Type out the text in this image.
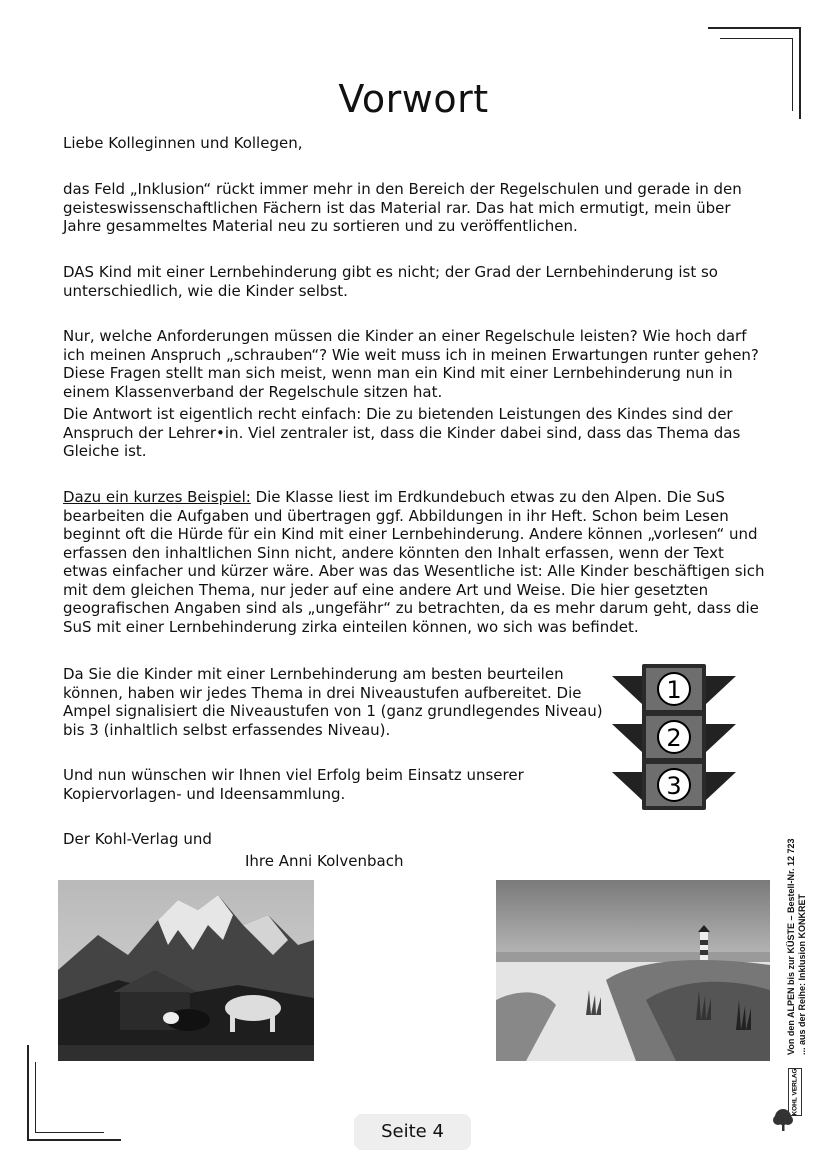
Vorwort

Liebe Kolleginnen und Kollegen,

das Feld „Inklusion“ rückt immer mehr in den Bereich der Regelschulen und gerade in den geisteswissenschaftlichen Fächern ist das Material rar. Das hat mich ermutigt, mein über Jahre gesammeltes Material neu zu sortieren und zu veröffentlichen.

DAS Kind mit einer Lernbehinderung gibt es nicht; der Grad der Lernbehinderung ist so unterschiedlich, wie die Kinder selbst.

Nur, welche Anforderungen müssen die Kinder an einer Regelschule leisten? Wie hoch darf ich meinen Anspruch „schrauben“? Wie weit muss ich in meinen Erwartungen runter gehen? Diese Fragen stellt man sich meist, wenn man ein Kind mit einer Lernbehinderung nun in einem Klassenverband der Regelschule sitzen hat.

Die Antwort ist eigentlich recht einfach: Die zu bietenden Leistungen des Kindes sind der Anspruch der Lehrer•in. Viel zentraler ist, dass die Kinder dabei sind, dass das Thema das Gleiche ist.

Dazu ein kurzes Beispiel: Die Klasse liest im Erdkundebuch etwas zu den Alpen. Die SuS bearbeiten die Aufgaben und übertragen ggf. Abbildungen in ihr Heft. Schon beim Lesen beginnt oft die Hürde für ein Kind mit einer Lernbehinderung. Andere können „vorlesen“ und erfassen den inhaltlichen Sinn nicht, andere könnten den Inhalt erfassen, wenn der Text etwas einfacher und kürzer wäre. Aber was das Wesentliche ist: Alle Kinder beschäftigen sich mit dem gleichen Thema, nur jeder auf eine andere Art und Weise. Die hier gesetzten geografischen Angaben sind als „ungefähr“ zu betrachten, da es mehr darum geht, dass die SuS mit einer Lernbehinderung zirka einteilen können, wo sich was befindet.

Da Sie die Kinder mit einer Lernbehinderung am besten beurteilen können, haben wir jedes Thema in drei Niveaustufen aufbereitet. Die Ampel signalisiert die Niveaustufen von 1 (ganz grundlegendes Niveau) bis 3 (inhaltlich selbst erfassendes Niveau).

Und nun wünschen wir Ihnen viel Erfolg beim Einsatz unserer Kopiervorlagen- und Ideensammlung.

Der Kohl-Verlag und

Ihre Anni Kolvenbach

1
2
3
Von den ALPEN bis zur KÜSTE – Bestell-Nr. 12 723 ... aus der Reihe: Inklusion KONKRET
KOHL VERLAG
Seite 4
